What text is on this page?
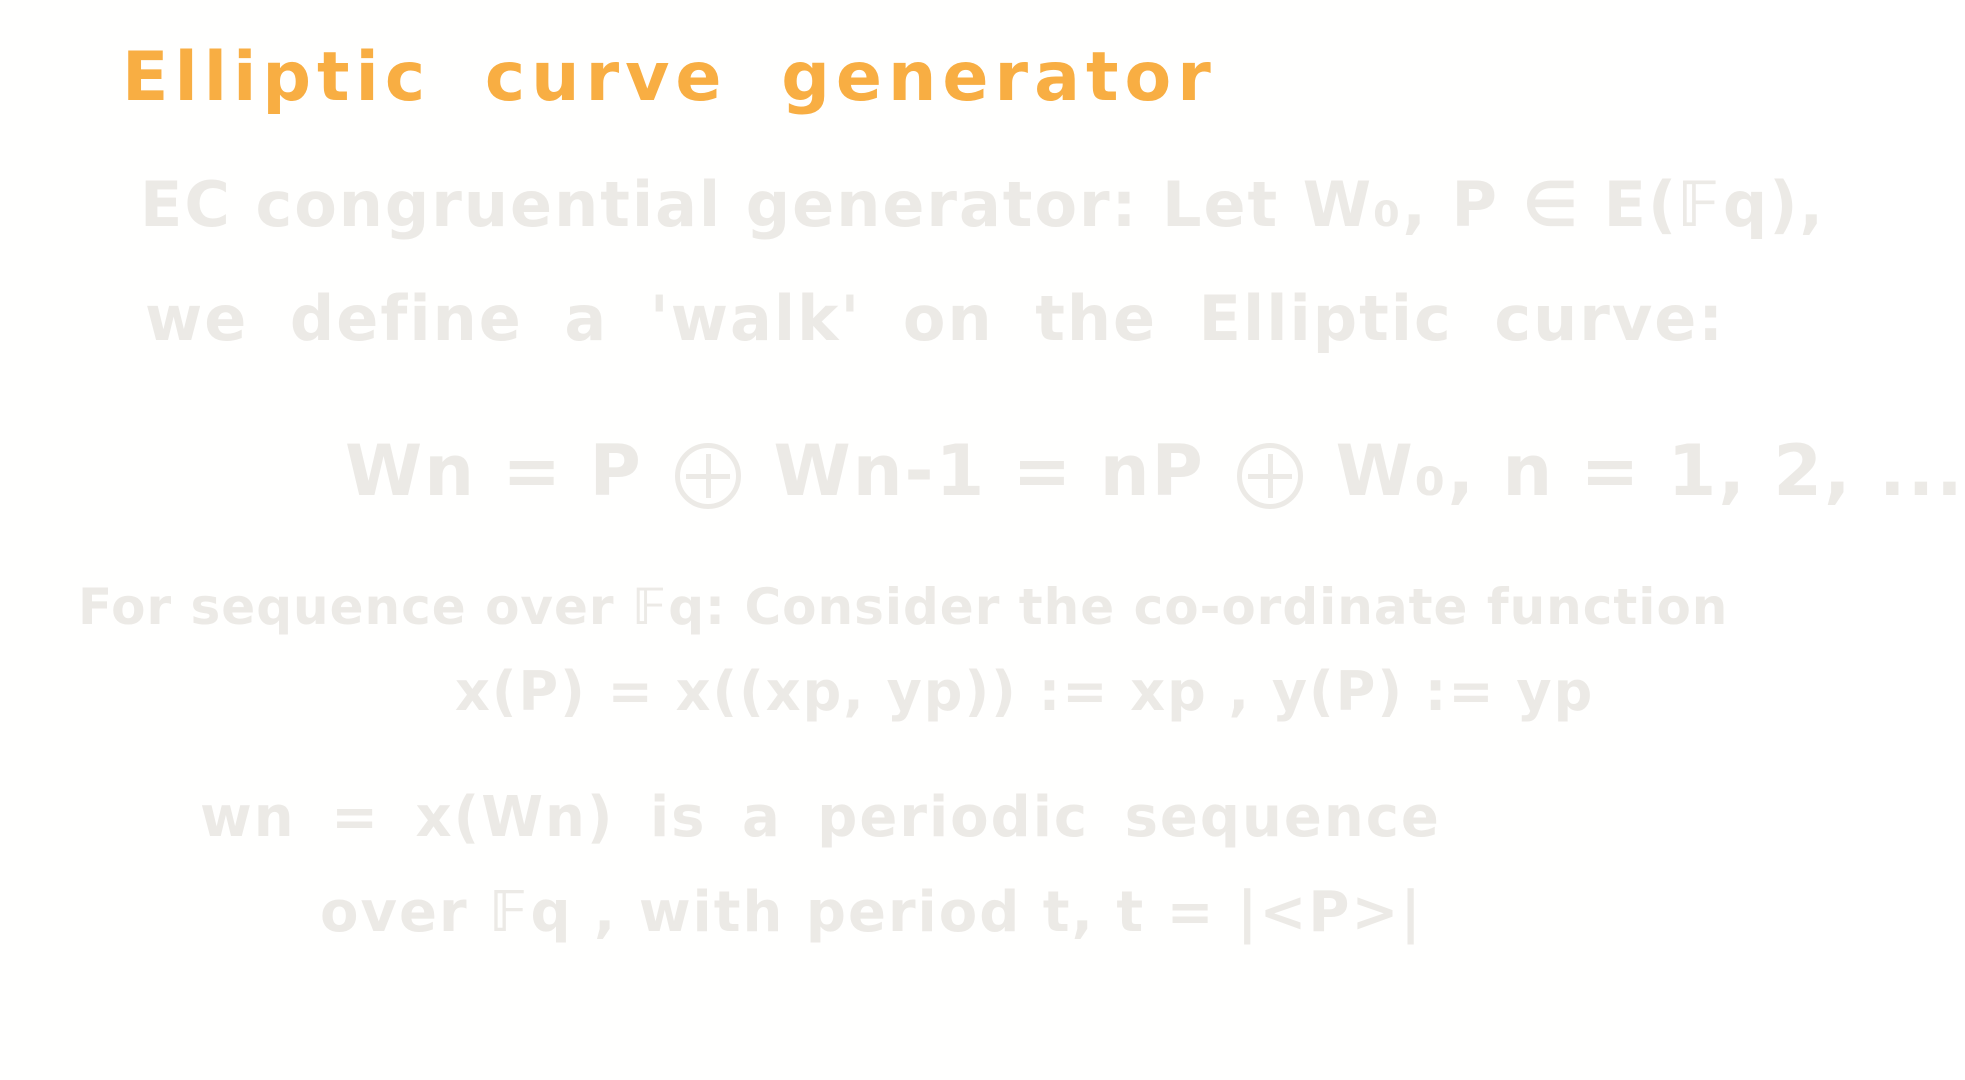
Elliptic curve generator
EC congruential generator: Let W₀, P ∈ E(𝔽q),
we define a 'walk' on the Elliptic curve:
Wn = P Wn-1 = nP W₀, n = 1, 2, ...
For sequence over 𝔽q: Consider the co-ordinate function
x(P) = x((xp, yp)) := xp , y(P) := yp
wn = x(Wn) is a periodic sequence
over 𝔽q , with period t, t = |<P>|
